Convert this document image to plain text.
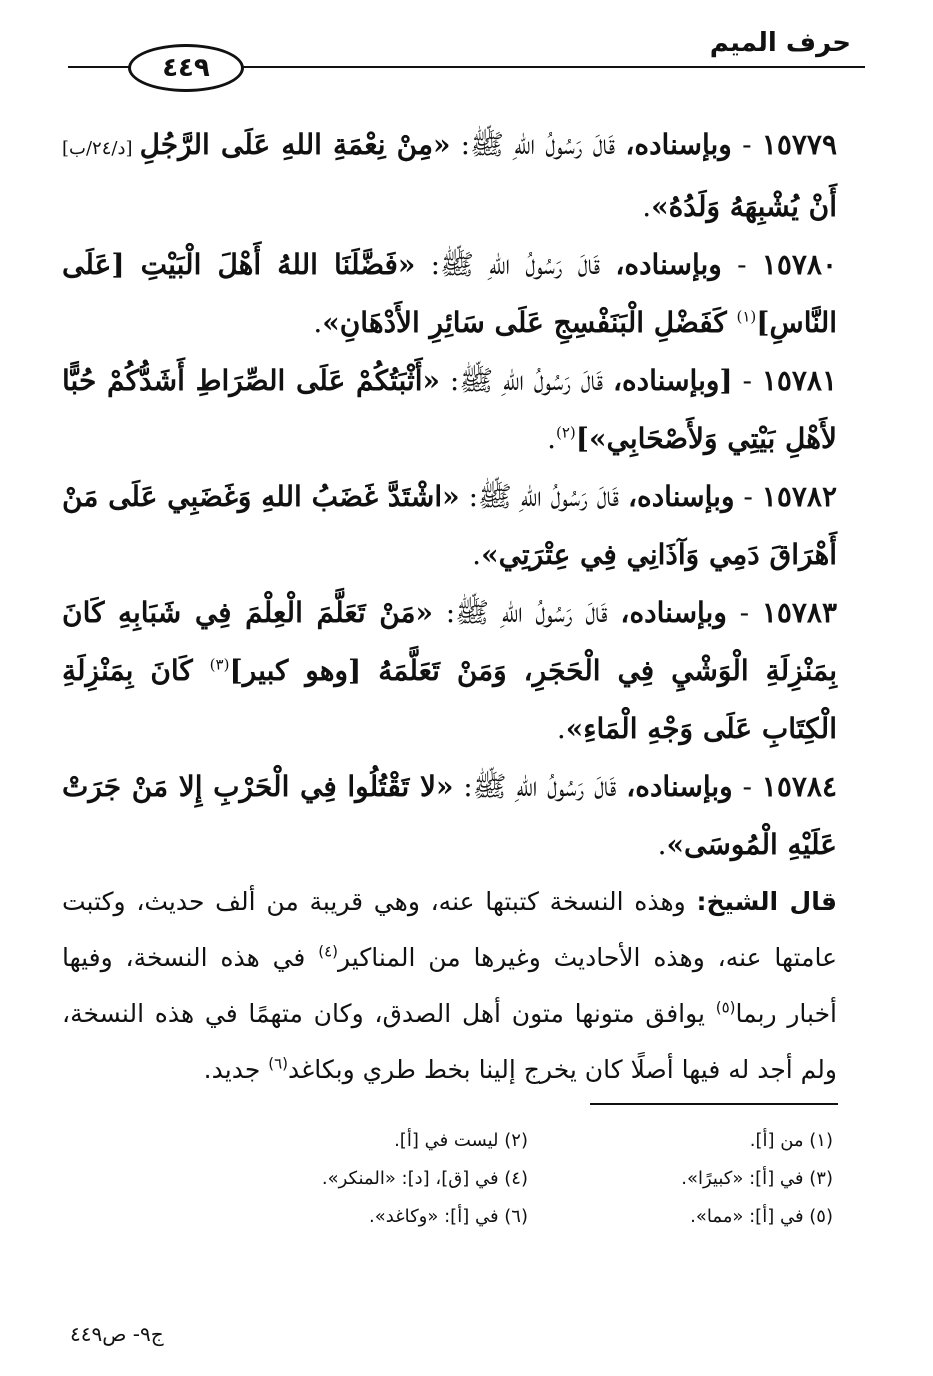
حرف الميم
٤٤٩

١٥٧٧٩ - وبإسناده، قَالَ رَسُولُ اللهِ ﷺ: «مِنْ نِعْمَةِ اللهِ عَلَى الرَّجُلِ [د/٢٤/ب] أَنْ يُشْبِهَهُ وَلَدُهُ».

١٥٧٨٠ - وبإسناده، قَالَ رَسُولُ اللهِ ﷺ: «فَضَّلَنَا اللهُ أَهْلَ الْبَيْتِ [عَلَى النَّاسِ]$^{(١)}$ كَفَضْلِ الْبَنَفْسِجِ عَلَى سَائِرِ الأَدْهَانِ».

١٥٧٨١ - [وبإسناده، قَالَ رَسُولُ اللهِ ﷺ: «أَثْبَتُكُمْ عَلَى الصِّرَاطِ أَشَدُّكُمْ حُبًّا لأَهْلِ بَيْتِي وَلأَصْحَابِي»]$^{(٢)}$.

١٥٧٨٢ - وبإسناده، قَالَ رَسُولُ اللهِ ﷺ: «اشْتَدَّ غَضَبُ اللهِ وَغَضَبِي عَلَى مَنْ أَهْرَاقَ دَمِي وَآذَانِي فِي عِتْرَتِي».

١٥٧٨٣ - وبإسناده، قَالَ رَسُولُ اللهِ ﷺ: «مَنْ تَعَلَّمَ الْعِلْمَ فِي شَبَابِهِ كَانَ بِمَنْزِلَةِ الْوَشْيِ فِي الْحَجَرِ، وَمَنْ تَعَلَّمَهُ [وهو كبير]$^{(٣)}$ كَانَ بِمَنْزِلَةِ الْكِتَابِ عَلَى وَجْهِ الْمَاءِ».

١٥٧٨٤ - وبإسناده، قَالَ رَسُولُ اللهِ ﷺ: «لا تَقْتُلُوا فِي الْحَرْبِ إِلا مَنْ جَرَتْ عَلَيْهِ الْمُوسَى».

قال الشيخ: وهذه النسخة كتبتها عنه، وهي قريبة من ألف حديث، وكتبت عامتها عنه، وهذه الأحاديث وغيرها من المناكير$^{(٤)}$ في هذه النسخة، وفيها أخبار ربما$^{(٥)}$ يوافق متونها متون أهل الصدق، وكان متهمًا في هذه النسخة، ولم أجد له فيها أصلًا كان يخرج إلينا بخط طري وبكاغد$^{(٦)}$ جديد.

(١) من [أ].
(٢) ليست في [أ].
(٣) في [أ]: «كبيرًا».
(٤) في [ق]، [د]: «المنكر».
(٥) في [أ]: «مما».
(٦) في [أ]: «وكاغد».
ج٩- ص٤٤٩
